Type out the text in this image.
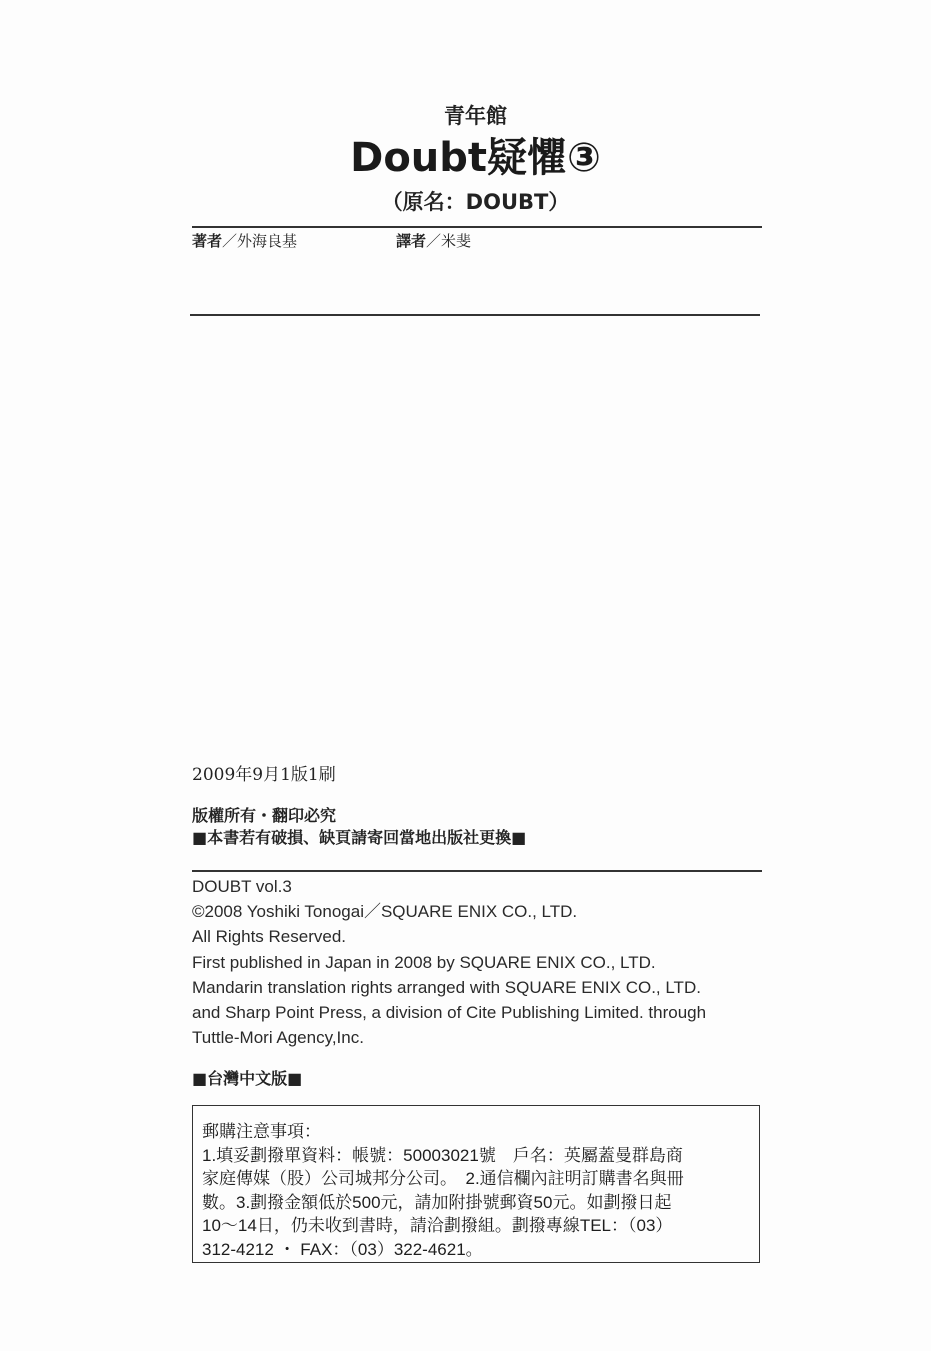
青年館
Doubt疑懼③
（原名：DOUBT）
著者／外海良基	譯者／米斐
2009年9月1版1刷
版權所有・翻印必究
■本書若有破損、缺頁請寄回當地出版社更換■
DOUBT vol.3
©2008 Yoshiki Tonogai／SQUARE ENIX CO., LTD.
All Rights Reserved.
First published in Japan in 2008 by SQUARE ENIX CO., LTD.
Mandarin translation rights arranged with SQUARE ENIX CO., LTD.
and Sharp Point Press, a division of Cite Publishing Limited. through
Tuttle-Mori Agency,Inc.
■台灣中文版■
郵購注意事項：
1.填妥劃撥單資料：帳號：50003021號　戶名：英屬蓋曼群島商
家庭傳媒（股）公司城邦分公司。　2.通信欄內註明訂購書名與冊
數。3.劃撥金額低於500元，請加附掛號郵資50元。如劃撥日起
10～14日，仍未收到書時，請洽劃撥組。劃撥專線TEL：（03）
312-4212 ・ FAX：（03）322-4621。
